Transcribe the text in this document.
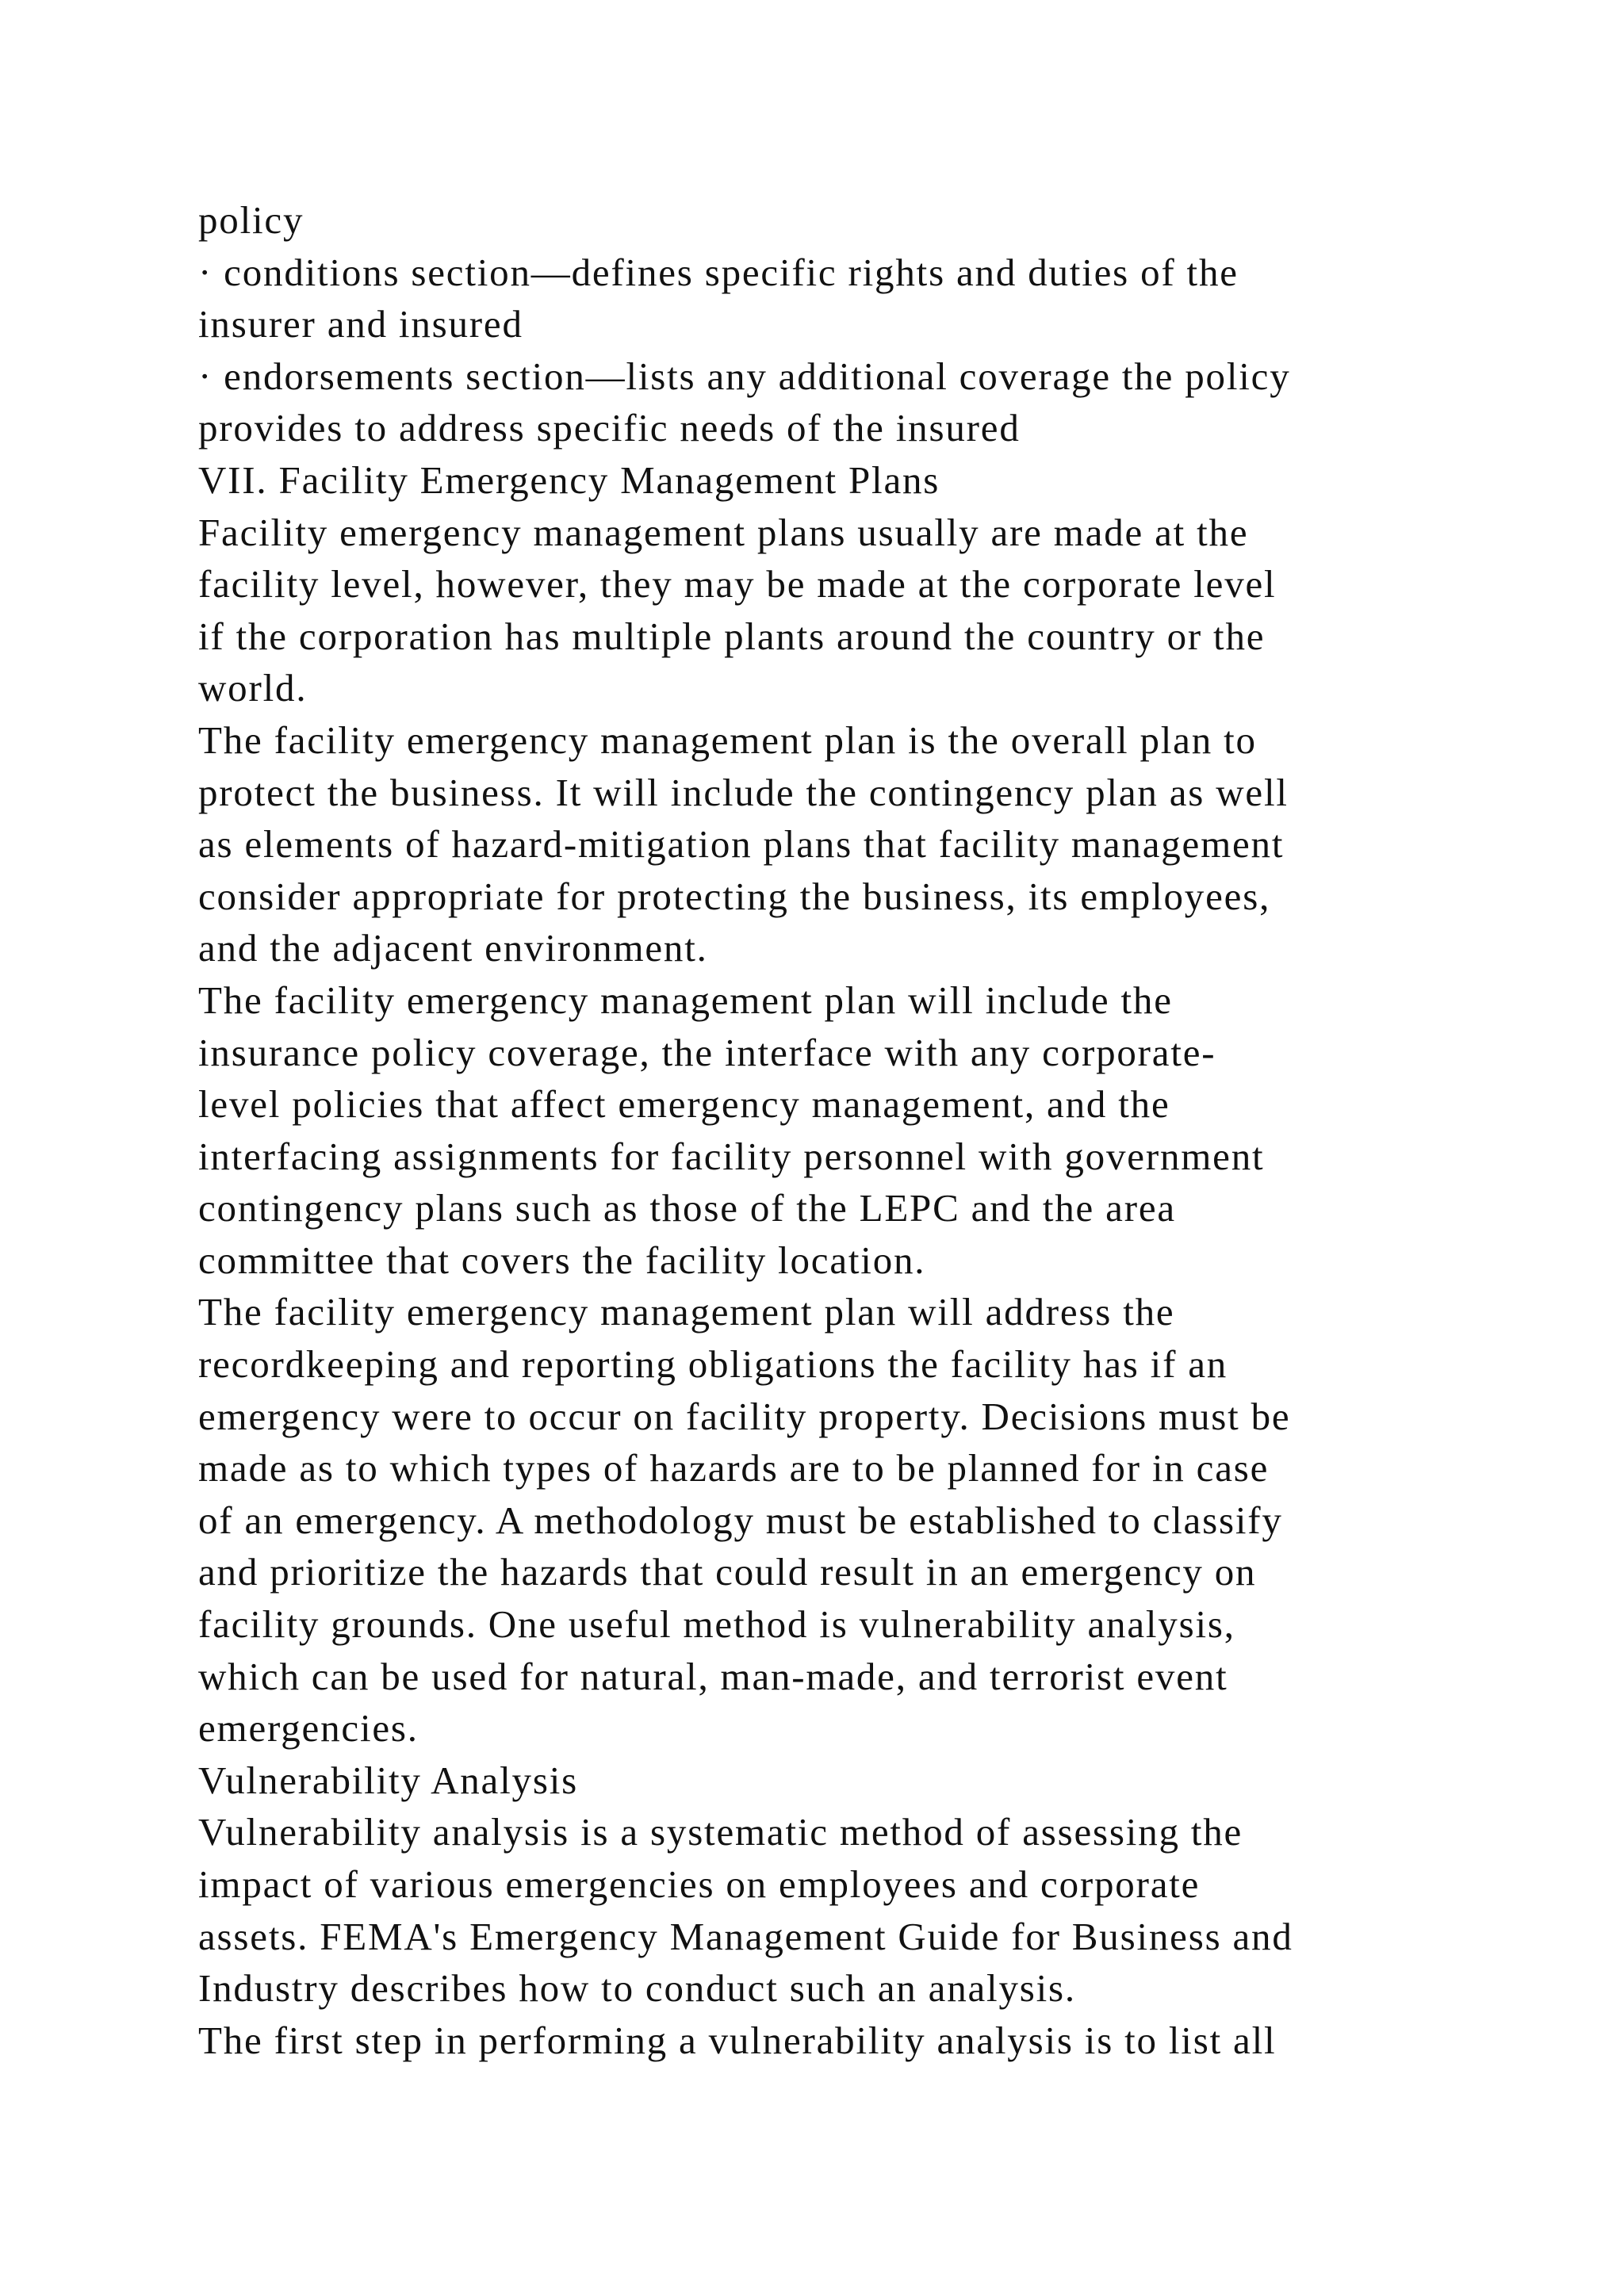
policy
· conditions section—defines specific rights and duties of the
insurer and insured
· endorsements section—lists any additional coverage the policy
provides to address specific needs of the insured
VII. Facility Emergency Management Plans
Facility emergency management plans usually are made at the
facility level, however, they may be made at the corporate level
if the corporation has multiple plants around the country or the
world.
The facility emergency management plan is the overall plan to
protect the business. It will include the contingency plan as well
as elements of hazard-mitigation plans that facility management
consider appropriate for protecting the business, its employees,
and the adjacent environment.
The facility emergency management plan will include the
insurance policy coverage, the interface with any corporate-
level policies that affect emergency management, and the
interfacing assignments for facility personnel with government
contingency plans such as those of the LEPC and the area
committee that covers the facility location.
The facility emergency management plan will address the
recordkeeping and reporting obligations the facility has if an
emergency were to occur on facility property. Decisions must be
made as to which types of hazards are to be planned for in case
of an emergency. A methodology must be established to classify
and prioritize the hazards that could result in an emergency on
facility grounds. One useful method is vulnerability analysis,
which can be used for natural, man-made, and terrorist event
emergencies.
Vulnerability Analysis
Vulnerability analysis is a systematic method of assessing the
impact of various emergencies on employees and corporate
assets. FEMA's Emergency Management Guide for Business and
Industry describes how to conduct such an analysis.
The first step in performing a vulnerability analysis is to list all
